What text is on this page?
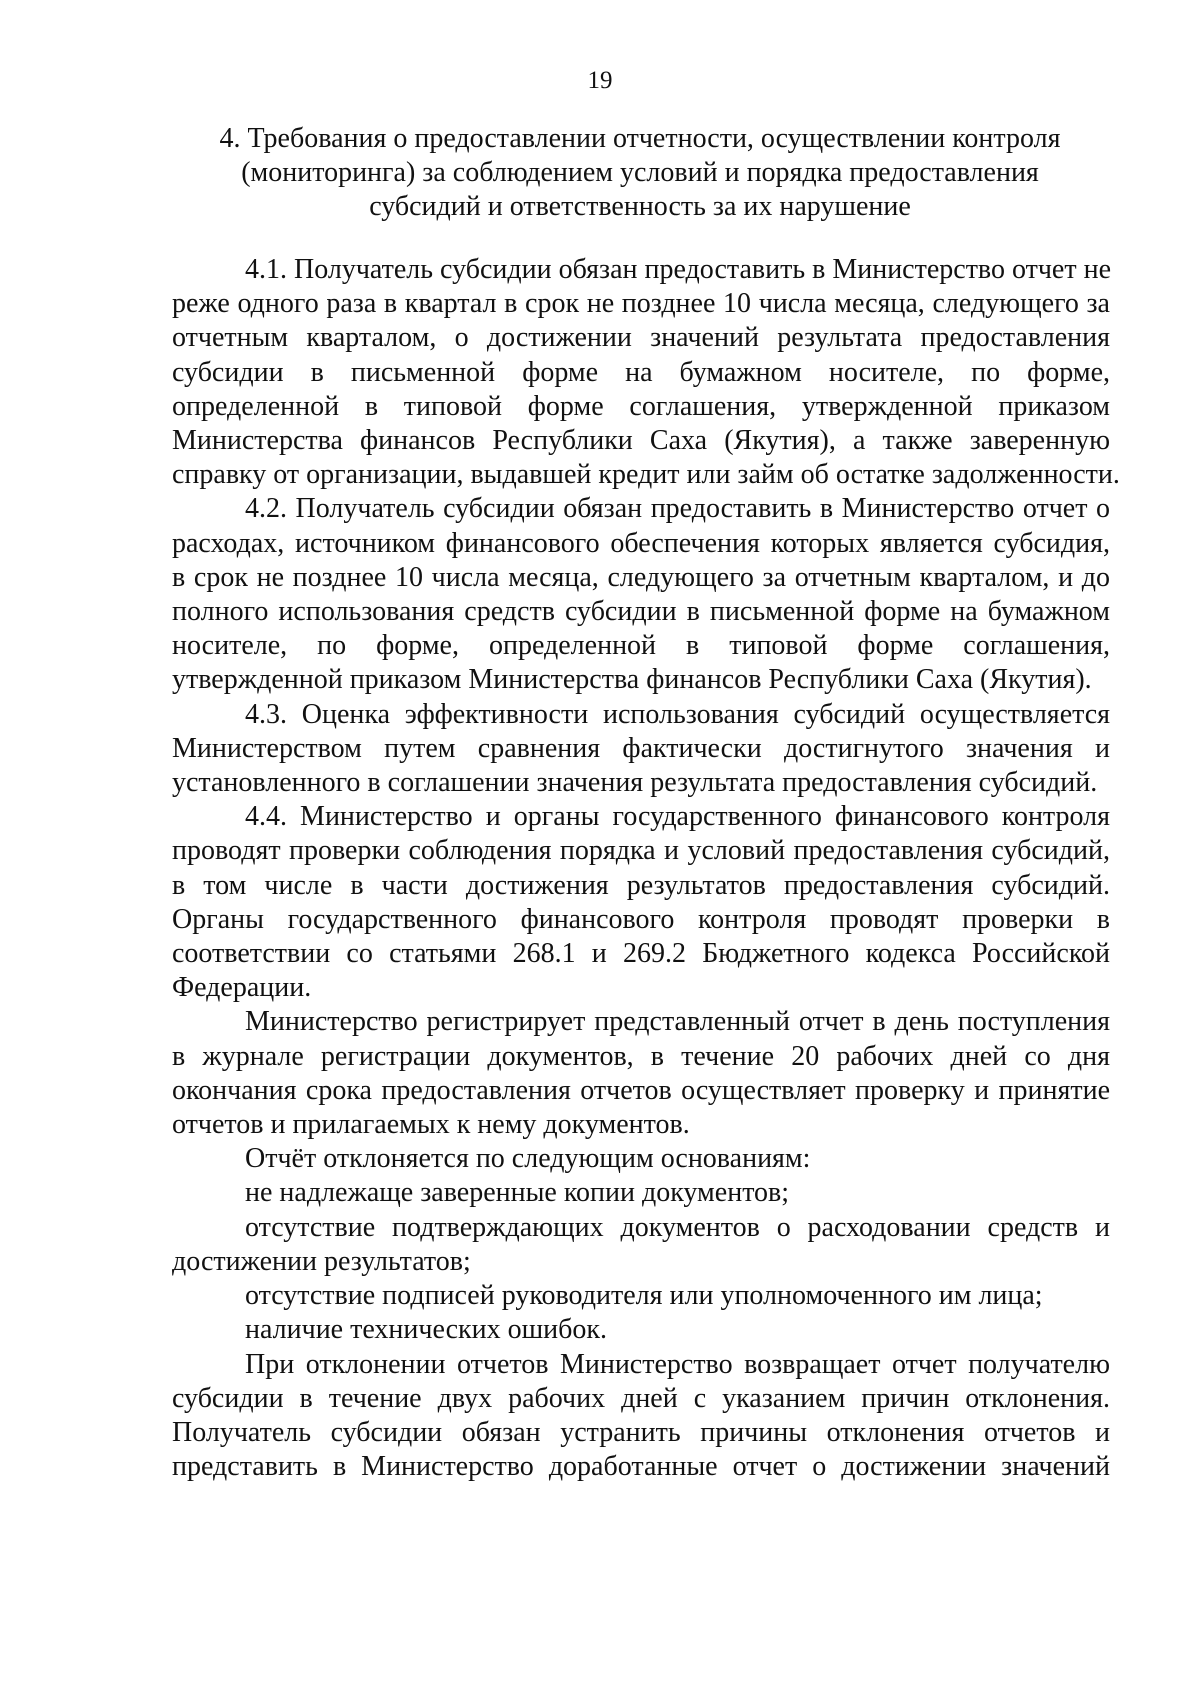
19
4. Требования о предоставлении отчетности, осуществлении контроля
(мониторинга) за соблюдением условий и порядка предоставления
субсидий и ответственность за их нарушение
4.1. Получатель субсидии обязан предоставить в Министерство отчет не
реже одного раза в квартал в срок не позднее 10 числа месяца, следующего за
отчетным кварталом, о достижении значений результата предоставления
субсидии в письменной форме на бумажном носителе, по форме,
определенной в типовой форме соглашения, утвержденной приказом
Министерства финансов Республики Саха (Якутия), а также заверенную
справку от организации, выдавшей кредит или займ об остатке задолженности.
4.2. Получатель субсидии обязан предоставить в Министерство отчет о
расходах, источником финансового обеспечения которых является субсидия,
в срок не позднее 10 числа месяца, следующего за отчетным кварталом, и до
полного использования средств субсидии в письменной форме на бумажном
носителе, по форме, определенной в типовой форме соглашения,
утвержденной приказом Министерства финансов Республики Саха (Якутия).
4.3. Оценка эффективности использования субсидий осуществляется
Министерством путем сравнения фактически достигнутого значения и
установленного в соглашении значения результата предоставления субсидий.
4.4. Министерство и органы государственного финансового контроля
проводят проверки соблюдения порядка и условий предоставления субсидий,
в том числе в части достижения результатов предоставления субсидий.
Органы государственного финансового контроля проводят проверки в
соответствии со статьями 268.1 и 269.2 Бюджетного кодекса Российской
Федерации.
Министерство регистрирует представленный отчет в день поступления
в журнале регистрации документов, в течение 20 рабочих дней со дня
окончания срока предоставления отчетов осуществляет проверку и принятие
отчетов и прилагаемых к нему документов.
Отчёт отклоняется по следующим основаниям:
не надлежаще заверенные копии документов;
отсутствие подтверждающих документов о расходовании средств и
достижении результатов;
отсутствие подписей руководителя или уполномоченного им лица;
наличие технических ошибок.
При отклонении отчетов Министерство возвращает отчет получателю
субсидии в течение двух рабочих дней с указанием причин отклонения.
Получатель субсидии обязан устранить причины отклонения отчетов и
представить в Министерство доработанные отчет о достижении значений
